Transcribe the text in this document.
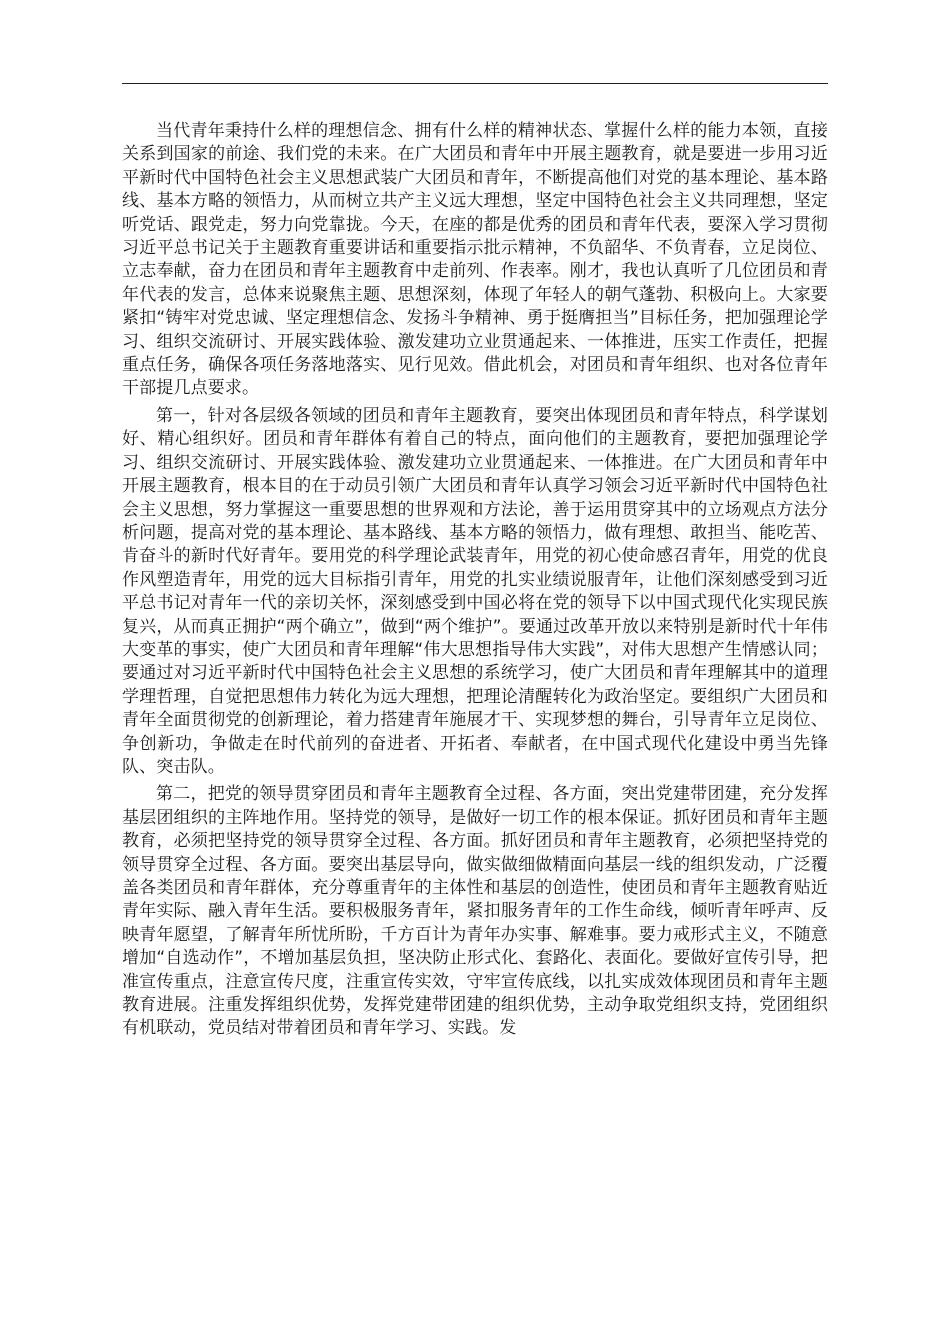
当代青年秉持什么样的理想信念、拥有什么样的精神状态、掌握什么样的能力本领，直接关系到国家的前途、我们党的未来。在广大团员和青年中开展主题教育，就是要进一步用习近平新时代中国特色社会主义思想武装广大团员和青年，不断提高他们对党的基本理论、基本路线、基本方略的领悟力，从而树立共产主义远大理想，坚定中国特色社会主义共同理想，坚定听党话、跟党走，努力向党靠拢。今天，在座的都是优秀的团员和青年代表，要深入学习贯彻习近平总书记关于主题教育重要讲话和重要指示批示精神，不负韶华、不负青春，立足岗位、立志奉献，奋力在团员和青年主题教育中走前列、作表率。刚才，我也认真听了几位团员和青年代表的发言，总体来说聚焦主题、思想深刻，体现了年轻人的朝气蓬勃、积极向上。大家要紧扣“铸牢对党忠诚、坚定理想信念、发扬斗争精神、勇于挺膺担当”目标任务，把加强理论学习、组织交流研讨、开展实践体验、激发建功立业贯通起来、一体推进，压实工作责任，把握重点任务，确保各项任务落地落实、见行见效。借此机会，对团员和青年组织、也对各位青年干部提几点要求。

第一，针对各层级各领域的团员和青年主题教育，要突出体现团员和青年特点，科学谋划好、精心组织好。团员和青年群体有着自己的特点，面向他们的主题教育，要把加强理论学习、组织交流研讨、开展实践体验、激发建功立业贯通起来、一体推进。在广大团员和青年中开展主题教育，根本目的在于动员引领广大团员和青年认真学习领会习近平新时代中国特色社会主义思想，努力掌握这一重要思想的世界观和方法论，善于运用贯穿其中的立场观点方法分析问题，提高对党的基本理论、基本路线、基本方略的领悟力，做有理想、敢担当、能吃苦、肯奋斗的新时代好青年。要用党的科学理论武装青年，用党的初心使命感召青年，用党的优良作风塑造青年，用党的远大目标指引青年，用党的扎实业绩说服青年，让他们深刻感受到习近平总书记对青年一代的亲切关怀，深刻感受到中国必将在党的领导下以中国式现代化实现民族复兴，从而真正拥护“两个确立”，做到“两个维护”。要通过改革开放以来特别是新时代十年伟大变革的事实，使广大团员和青年理解“伟大思想指导伟大实践”，对伟大思想产生情感认同；要通过对习近平新时代中国特色社会主义思想的系统学习，使广大团员和青年理解其中的道理学理哲理，自觉把思想伟力转化为远大理想，把理论清醒转化为政治坚定。要组织广大团员和青年全面贯彻党的创新理论，着力搭建青年施展才干、实现梦想的舞台，引导青年立足岗位、争创新功，争做走在时代前列的奋进者、开拓者、奉献者，在中国式现代化建设中勇当先锋队、突击队。

第二，把党的领导贯穿团员和青年主题教育全过程、各方面，突出党建带团建，充分发挥基层团组织的主阵地作用。坚持党的领导，是做好一切工作的根本保证。抓好团员和青年主题教育，必须把坚持党的领导贯穿全过程、各方面。抓好团员和青年主题教育，必须把坚持党的领导贯穿全过程、各方面。要突出基层导向，做实做细做精面向基层一线的组织发动，广泛覆盖各类团员和青年群体，充分尊重青年的主体性和基层的创造性，使团员和青年主题教育贴近青年实际、融入青年生活。要积极服务青年，紧扣服务青年的工作生命线，倾听青年呼声、反映青年愿望，了解青年所忧所盼，千方百计为青年办实事、解难事。要力戒形式主义，不随意增加“自选动作”，不增加基层负担，坚决防止形式化、套路化、表面化。要做好宣传引导，把准宣传重点，注意宣传尺度，注重宣传实效，守牢宣传底线，以扎实成效体现团员和青年主题教育进展。注重发挥组织优势，发挥党建带团建的组织优势，主动争取党组织支持，党团组织有机联动，党员结对带着团员和青年学习、实践。发
